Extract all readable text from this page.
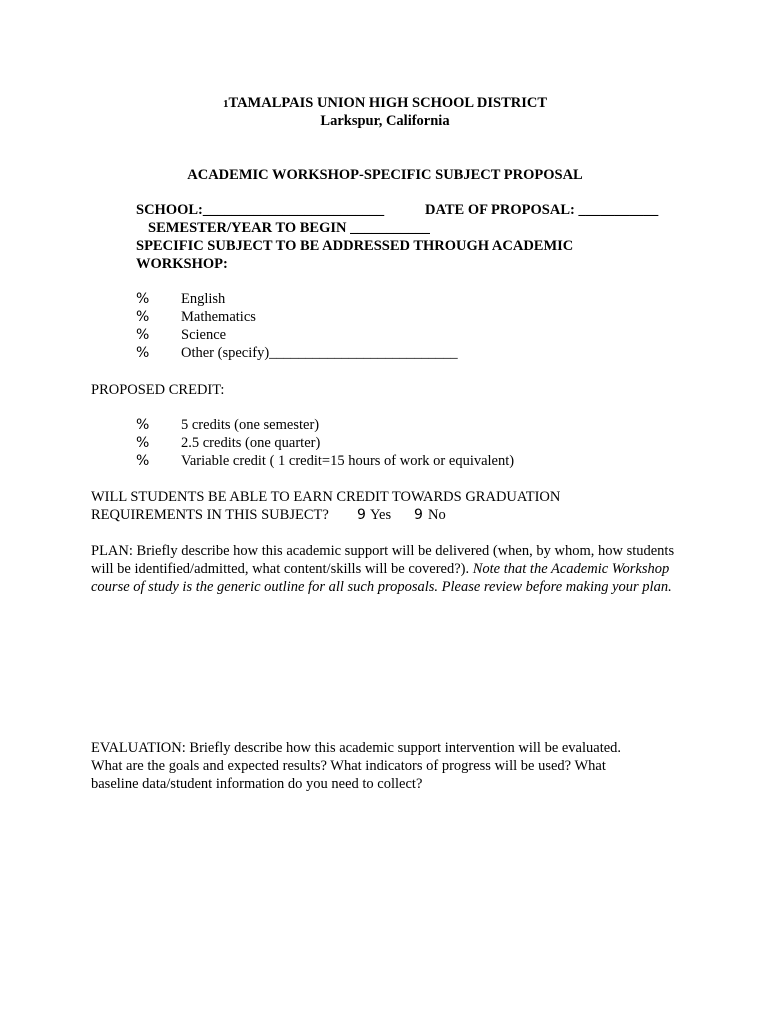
1TAMALPAIS UNION HIGH SCHOOL DISTRICT
Larkspur, California
ACADEMIC WORKSHOP-SPECIFIC SUBJECT PROPOSAL
SCHOOL:_________________________	DATE OF PROPOSAL: ___________
SEMESTER/YEAR TO BEGIN ___________
SPECIFIC SUBJECT TO BE ADDRESSED THROUGH ACADEMIC
WORKSHOP:
% English
% Mathematics
% Science
% Other (specify)__________________________
PROPOSED CREDIT:
% 5 credits (one semester)
% 2.5 credits (one quarter)
% Variable credit ( 1 credit=15 hours of work or equivalent)
WILL STUDENTS BE ABLE TO EARN CREDIT TOWARDS GRADUATION
REQUIREMENTS IN THIS SUBJECT? 9 Yes 9 No
PLAN: Briefly describe how this academic support will be delivered (when, by whom, how students will be identified/admitted, what content/skills will be covered?). Note that the Academic Workshop course of study is the generic outline for all such proposals. Please review before making your plan.
EVALUATION: Briefly describe how this academic support intervention will be evaluated. What are the goals and expected results? What indicators of progress will be used? What baseline data/student information do you need to collect?
